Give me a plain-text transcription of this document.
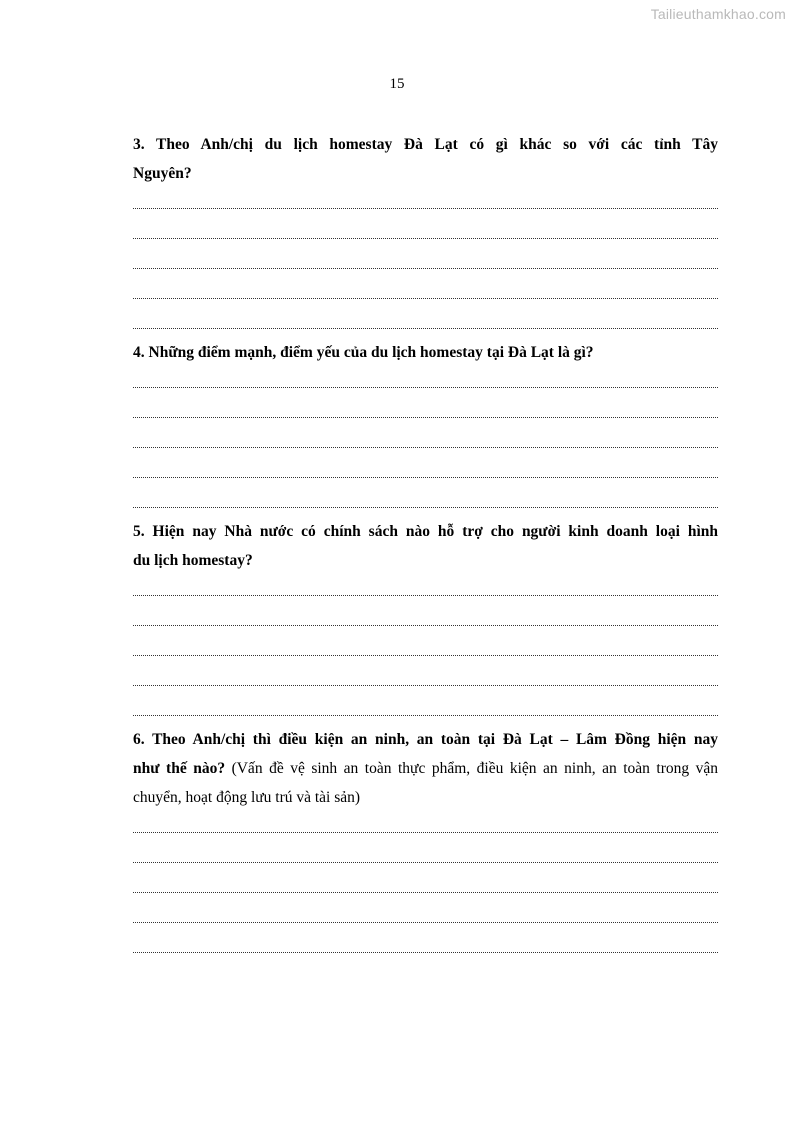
Tailieuthamkhao.com
15

3. Theo Anh/chị du lịch homestay Đà Lạt có gì khác so với các tỉnh Tây

Nguyên?

4. Những điểm mạnh, điểm yếu của du lịch homestay tại Đà Lạt là gì?

5. Hiện nay Nhà nước có chính sách nào hỗ trợ cho người kinh doanh loại hình

du lịch homestay?

6. Theo Anh/chị thì điều kiện an ninh, an toàn tại Đà Lạt – Lâm Đồng hiện nay

như thế nào? (Vấn đề vệ sinh an toàn thực phẩm, điều kiện an ninh, an toàn trong vận chuyển, hoạt động lưu trú và tài sản)
